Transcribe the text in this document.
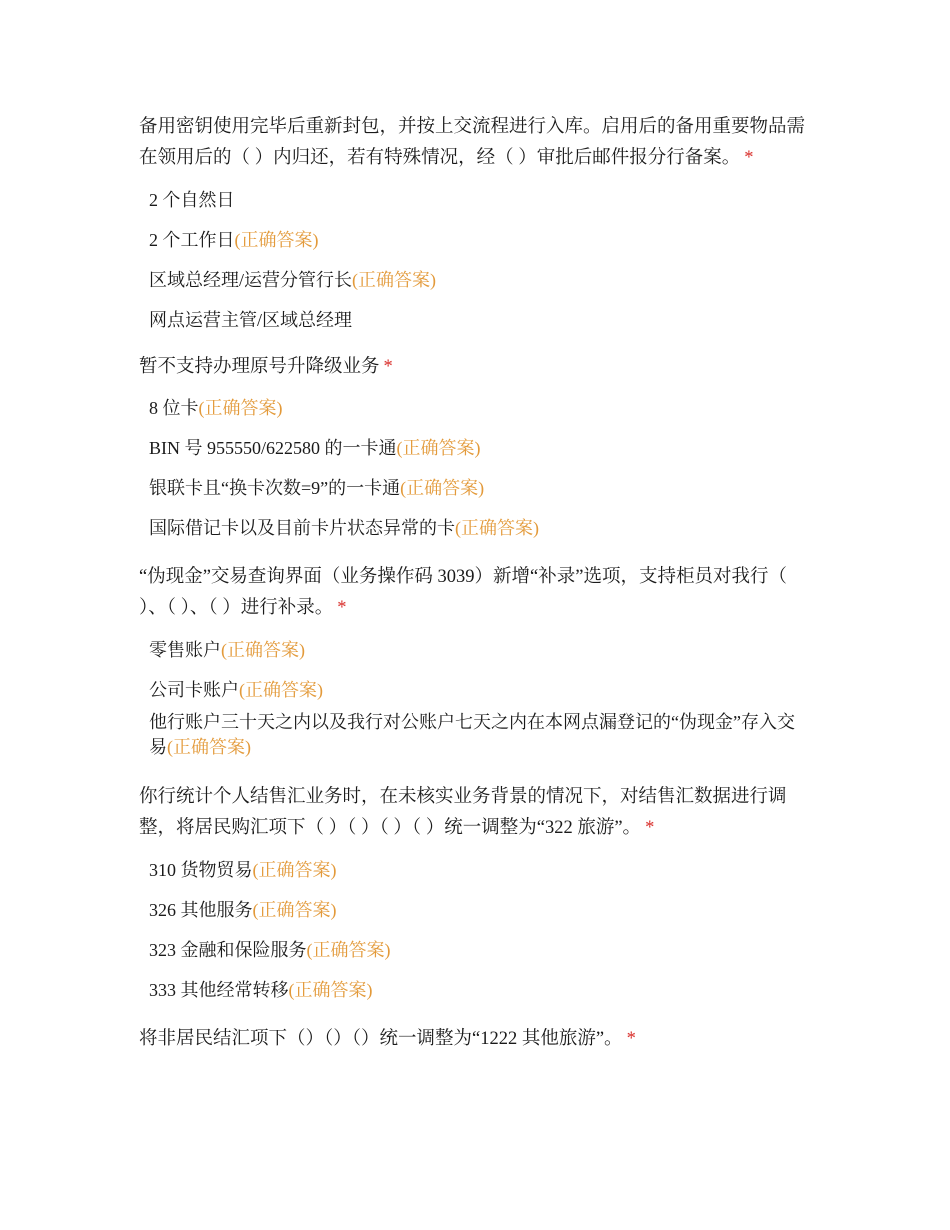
备用密钥使用完毕后重新封包，并按上交流程进行入库。启用后的备用重要物品需在领用后的（ ）内归还，若有特殊情况，经（ ）审批后邮件报分行备案。 *

2 个自然日
2 个工作日(正确答案)
区域总经理/运营分管行长(正确答案)
网点运营主管/区域总经理

暂不支持办理原号升降级业务 *

8 位卡(正确答案)
BIN 号 955550/622580 的一卡通(正确答案)
银联卡且“换卡次数=9”的一卡通(正确答案)
国际借记卡以及目前卡片状态异常的卡(正确答案)

“伪现金”交易查询界面（业务操作码 3039）新增“补录”选项，支持柜员对我行（ ）、（ ）、（ ）进行补录。 *

零售账户(正确答案)
公司卡账户(正确答案)
他行账户三十天之内以及我行对公账户七天之内在本网点漏登记的“伪现金”存入交易(正确答案)

你行统计个人结售汇业务时，在未核实业务背景的情况下，对结售汇数据进行调整，将居民购汇项下（ ）（ ）（ ）（ ）统一调整为“322 旅游”。 *

310 货物贸易(正确答案)
326 其他服务(正确答案)
323 金融和保险服务(正确答案)
333 其他经常转移(正确答案)

将非居民结汇项下（）（）（）统一调整为“1222 其他旅游”。 *
